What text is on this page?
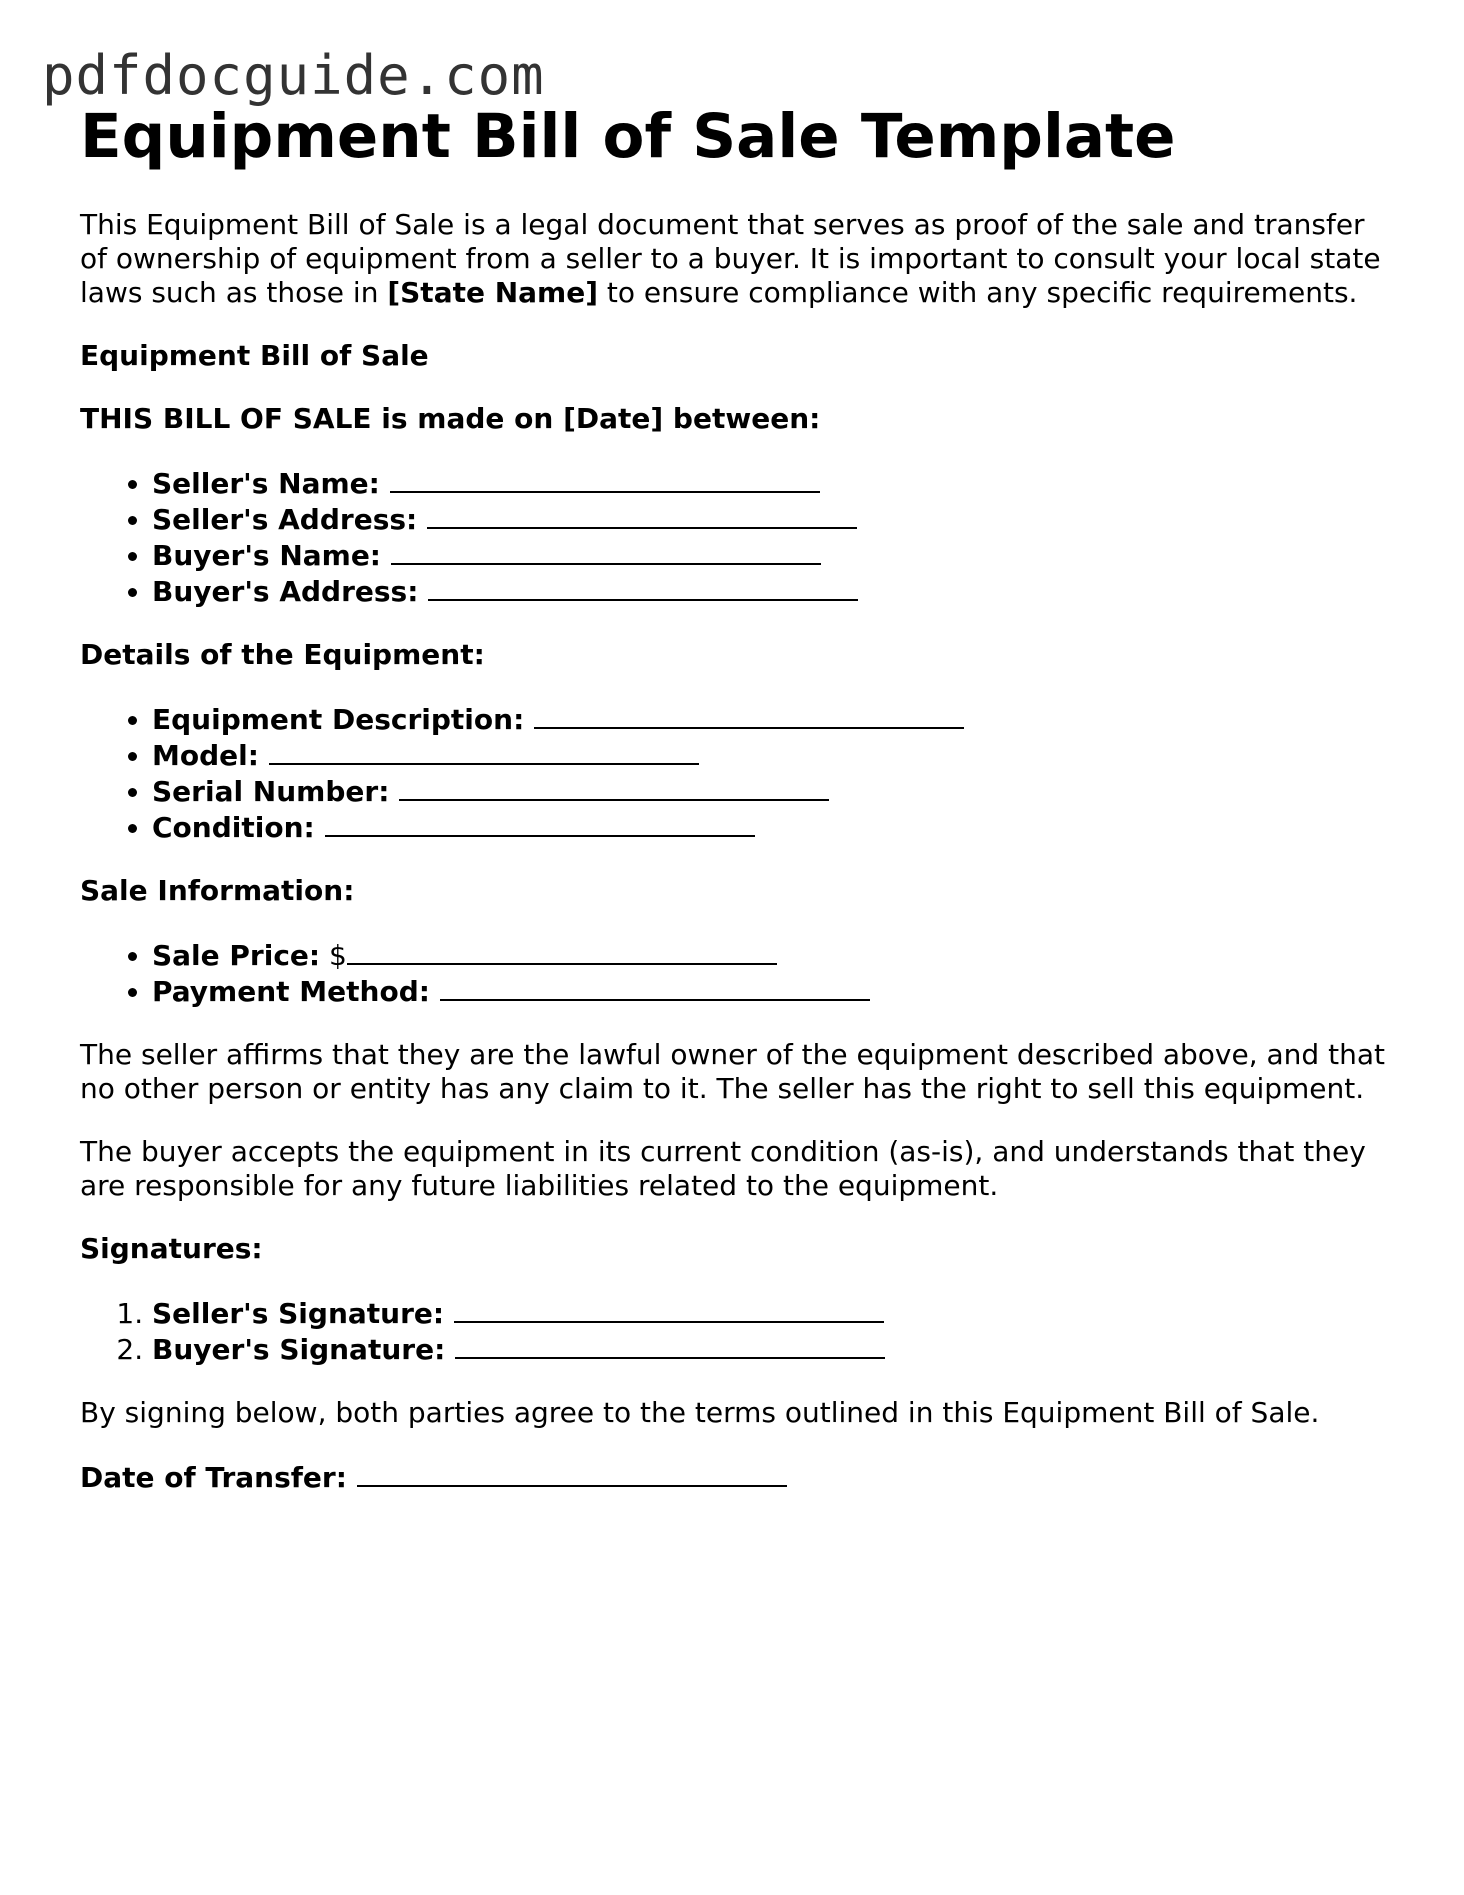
pdfdocguide.com
Equipment Bill of Sale Template

This Equipment Bill of Sale is a legal document that serves as proof of the sale and transfer of ownership of equipment from a seller to a buyer. It is important to consult your local state laws such as those in [State Name] to ensure compliance with any specific requirements.

Equipment Bill of Sale

THIS BILL OF SALE is made on [Date] between:

• Seller's Name:
• Seller's Address:
• Buyer's Name:
• Buyer's Address:

Details of the Equipment:

• Equipment Description:
• Model:
• Serial Number:
• Condition:

Sale Information:

• Sale Price: $
• Payment Method:

The seller affirms that they are the lawful owner of the equipment described above, and that no other person or entity has any claim to it. The seller has the right to sell this equipment.

The buyer accepts the equipment in its current condition (as-is), and understands that they are responsible for any future liabilities related to the equipment.

Signatures:

1. Seller's Signature:
2. Buyer's Signature:

By signing below, both parties agree to the terms outlined in this Equipment Bill of Sale.

Date of Transfer:
